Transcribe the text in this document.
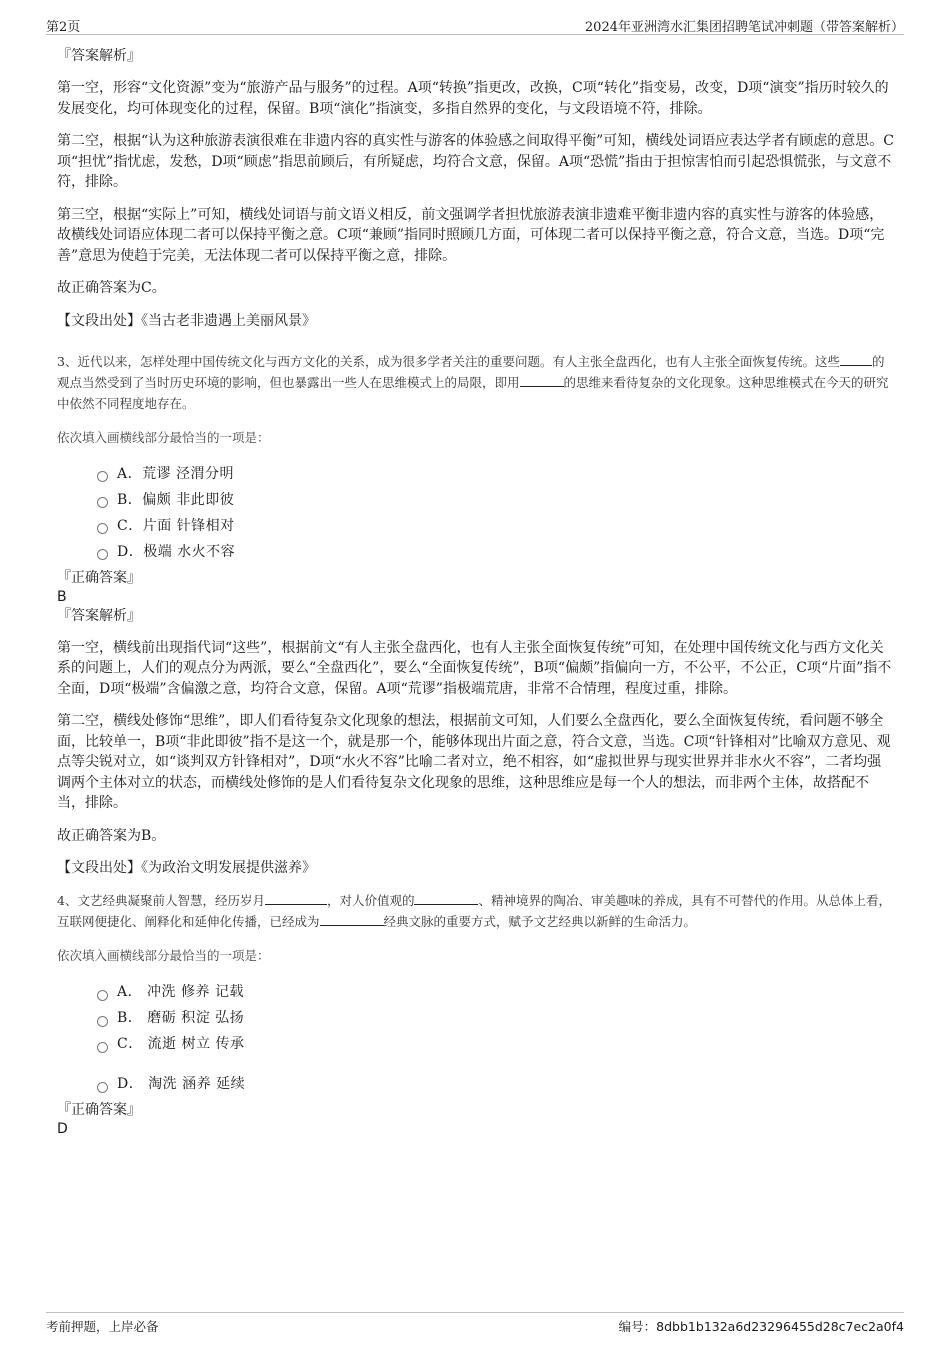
第2页	2024年亚洲湾水汇集团招聘笔试冲刺题（带答案解析）

『答案解析』

第一空，形容“文化资源”变为“旅游产品与服务”的过程。A项“转换”指更改，改换，C项“转化”指变易，改变，D项“演变”指历时较久的发展变化，均可体现变化的过程，保留。B项“演化”指演变，多指自然界的变化，与文段语境不符，排除。

第二空，根据“认为这种旅游表演很难在非遗内容的真实性与游客的体验感之间取得平衡”可知，横线处词语应表达学者有顾虑的意思。C项“担忧”指忧虑，发愁，D项“顾虑”指思前顾后，有所疑虑，均符合文意，保留。A项“恐慌”指由于担惊害怕而引起恐惧慌张，与文意不符，排除。

第三空，根据“实际上”可知，横线处词语与前文语义相反，前文强调学者担忧旅游表演非遗难平衡非遗内容的真实性与游客的体验感，故横线处词语应体现二者可以保持平衡之意。C项“兼顾”指同时照顾几方面，可体现二者可以保持平衡之意，符合文意，当选。D项“完善”意思为使趋于完美，无法体现二者可以保持平衡之意，排除。

故正确答案为C。

【文段出处】《当古老非遗遇上美丽风景》

3、近代以来，怎样处理中国传统文化与西方文化的关系，成为很多学者关注的重要问题。有人主张全盘西化，也有人主张全面恢复传统。这些	的观点当然受到了当时历史环境的影响，但也暴露出一些人在思维模式上的局限，即用	的思维来看待复杂的文化现象。这种思维模式在今天的研究中依然不同程度地存在。

依次填入画横线部分最恰当的一项是：

A．荒谬 泾渭分明
B．偏颇 非此即彼
C．片面 针锋相对
D．极端 水火不容

『正确答案』

B

『答案解析』

第一空，横线前出现指代词“这些”，根据前文“有人主张全盘西化，也有人主张全面恢复传统”可知，在处理中国传统文化与西方文化关系的问题上，人们的观点分为两派，要么“全盘西化”，要么“全面恢复传统”，B项“偏颇”指偏向一方，不公平，不公正，C项“片面”指不全面，D项“极端”含偏激之意，均符合文意，保留。A项“荒谬”指极端荒唐，非常不合情理，程度过重，排除。

第二空，横线处修饰“思维”，即人们看待复杂文化现象的想法，根据前文可知，人们要么全盘西化，要么全面恢复传统，看问题不够全面，比较单一，B项“非此即彼”指不是这一个，就是那一个，能够体现出片面之意，符合文意，当选。C项“针锋相对”比喻双方意见、观点等尖锐对立，如“谈判双方针锋相对”，D项“水火不容”比喻二者对立，绝不相容，如“虚拟世界与现实世界并非水火不容”，二者均强调两个主体对立的状态，而横线处修饰的是人们看待复杂文化现象的思维，这种思维应是每一个人的想法，而非两个主体，故搭配不当，排除。

故正确答案为B。

【文段出处】《为政治文明发展提供滋养》

4、文艺经典凝聚前人智慧，经历岁月	，对人价值观的	、精神境界的陶冶、审美趣味的养成，具有不可替代的作用。从总体上看，互联网便捷化、阐释化和延伸化传播，已经成为	经典文脉的重要方式，赋予文艺经典以新鲜的生命活力。

依次填入画横线部分最恰当的一项是：

A． 冲洗 修养 记载
B． 磨砺 积淀 弘扬
C． 流逝 树立 传承
D． 淘洗 涵养 延续

『正确答案』

D

考前押题，上岸必备	编号：8dbb1b132a6d23296455d28c7ec2a0f4
